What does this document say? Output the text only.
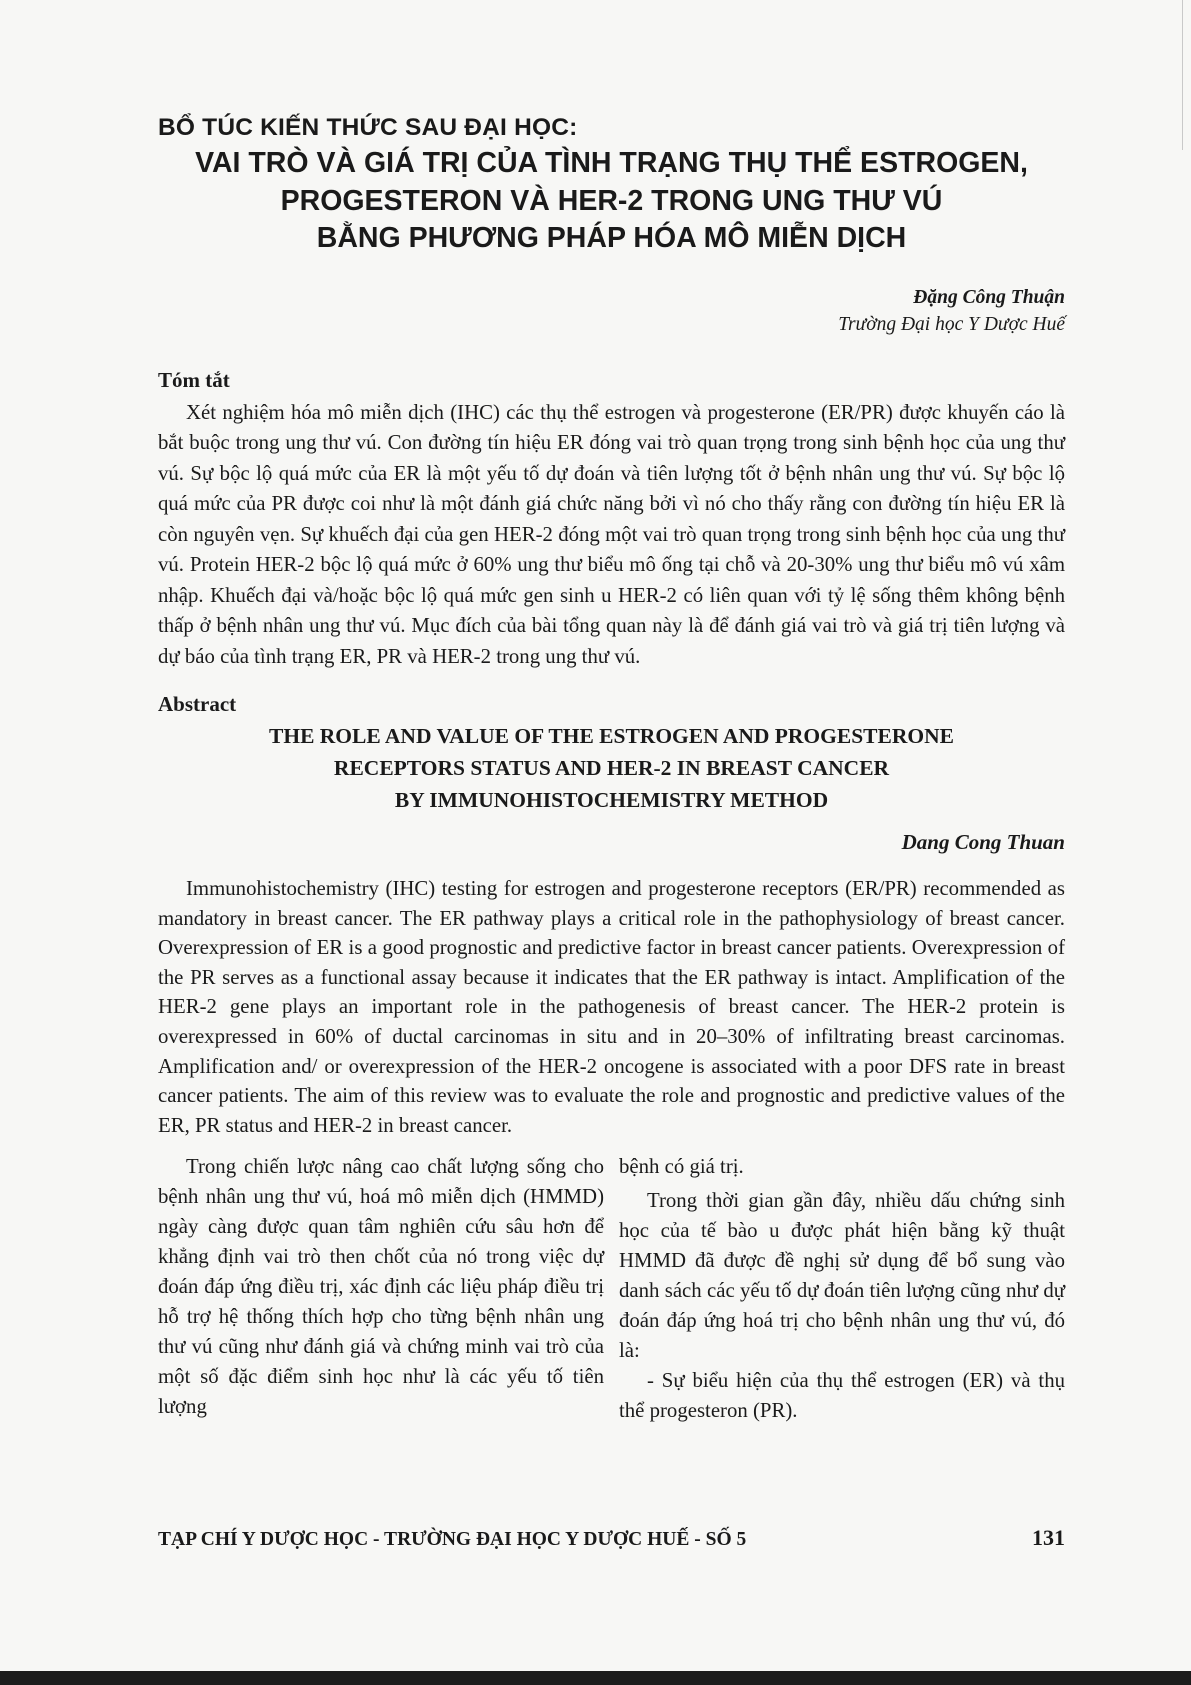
BỔ TÚC KIẾN THỨC SAU ĐẠI HỌC:
VAI TRÒ VÀ GIÁ TRỊ CỦA TÌNH TRẠNG THỤ THỂ ESTROGEN,
PROGESTERON VÀ HER-2 TRONG UNG THƯ VÚ
BẰNG PHƯƠNG PHÁP HÓA MÔ MIỄN DỊCH
Đặng Công Thuận
Trường Đại học Y Dược Huế
Tóm tắt

Xét nghiệm hóa mô miễn dịch (IHC) các thụ thể estrogen và progesterone (ER/PR) được khuyến cáo là bắt buộc trong ung thư vú. Con đường tín hiệu ER đóng vai trò quan trọng trong sinh bệnh học của ung thư vú. Sự bộc lộ quá mức của ER là một yếu tố dự đoán và tiên lượng tốt ở bệnh nhân ung thư vú. Sự bộc lộ quá mức của PR được coi như là một đánh giá chức năng bởi vì nó cho thấy rằng con đường tín hiệu ER là còn nguyên vẹn. Sự khuếch đại của gen HER-2 đóng một vai trò quan trọng trong sinh bệnh học của ung thư vú. Protein HER-2 bộc lộ quá mức ở 60% ung thư biểu mô ống tại chỗ và 20-30% ung thư biểu mô vú xâm nhập. Khuếch đại và/hoặc bộc lộ quá mức gen sinh u HER-2 có liên quan với tỷ lệ sống thêm không bệnh thấp ở bệnh nhân ung thư vú. Mục đích của bài tổng quan này là để đánh giá vai trò và giá trị tiên lượng và dự báo của tình trạng ER, PR và HER-2 trong ung thư vú.

Abstract
THE ROLE AND VALUE OF THE ESTROGEN AND PROGESTERONE
RECEPTORS STATUS AND HER-2 IN BREAST CANCER
BY IMMUNOHISTOCHEMISTRY METHOD
Dang Cong Thuan

Immunohistochemistry (IHC) testing for estrogen and progesterone receptors (ER/PR) recommended as mandatory in breast cancer. The ER pathway plays a critical role in the pathophysiology of breast cancer. Overexpression of ER is a good prognostic and predictive factor in breast cancer patients. Overexpression of the PR serves as a functional assay because it indicates that the ER pathway is intact. Amplification of the HER-2 gene plays an important role in the pathogenesis of breast cancer. The HER-2 protein is overexpressed in 60% of ductal carcinomas in situ and in 20–30% of infiltrating breast carcinomas. Amplification and/ or overexpression of the HER-2 oncogene is associated with a poor DFS rate in breast cancer patients. The aim of this review was to evaluate the role and prognostic and predictive values of the ER, PR status and HER-2 in breast cancer.

Trong chiến lược nâng cao chất lượng sống cho bệnh nhân ung thư vú, hoá mô miễn dịch (HMMD) ngày càng được quan tâm nghiên cứu sâu hơn để khẳng định vai trò then chốt của nó trong việc dự đoán đáp ứng điều trị, xác định các liệu pháp điều trị hỗ trợ hệ thống thích hợp cho từng bệnh nhân ung thư vú cũng như đánh giá và chứng minh vai trò của một số đặc điểm sinh học như là các yếu tố tiên lượng

bệnh có giá trị.

Trong thời gian gần đây, nhiều dấu chứng sinh học của tế bào u được phát hiện bằng kỹ thuật HMMD đã được đề nghị sử dụng để bổ sung vào danh sách các yếu tố dự đoán tiên lượng cũng như dự đoán đáp ứng hoá trị cho bệnh nhân ung thư vú, đó là:

- Sự biểu hiện của thụ thể estrogen (ER) và thụ thể progesteron (PR).

TẠP CHÍ Y DƯỢC HỌC - TRƯỜNG ĐẠI HỌC Y DƯỢC HUẾ - SỐ 5	131
